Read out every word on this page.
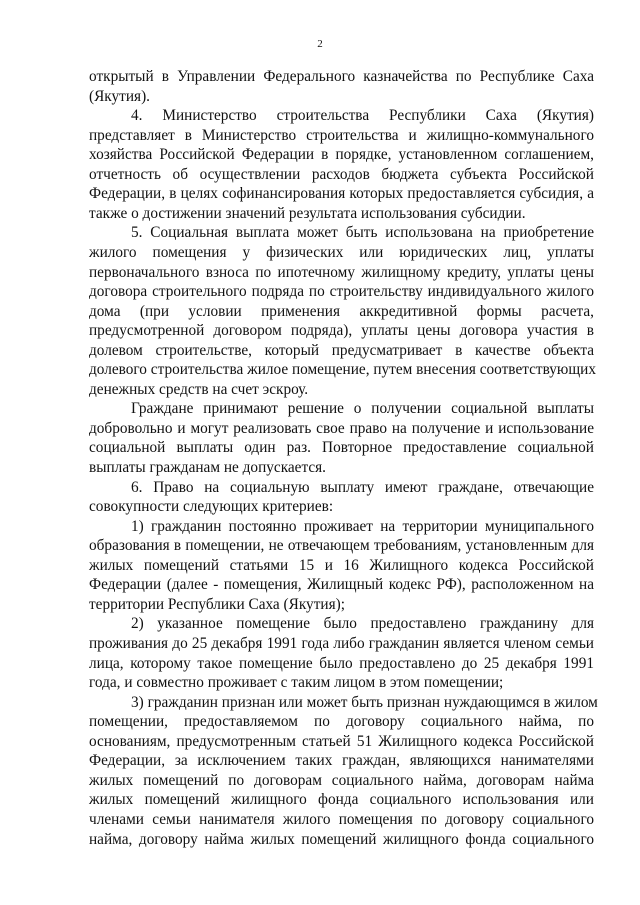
2
открытый в Управлении Федерального казначейства по Республике Саха
(Якутия).
4. Министерство строительства Республики Саха (Якутия)
представляет в Министерство строительства и жилищно-коммунального
хозяйства Российской Федерации в порядке, установленном соглашением,
отчетность об осуществлении расходов бюджета субъекта Российской
Федерации, в целях софинансирования которых предоставляется субсидия, а
также о достижении значений результата использования субсидии.
5. Социальная выплата может быть использована на приобретение
жилого помещения у физических или юридических лиц, уплаты
первоначального взноса по ипотечному жилищному кредиту, уплаты цены
договора строительного подряда по строительству индивидуального жилого
дома (при условии применения аккредитивной формы расчета,
предусмотренной договором подряда), уплаты цены договора участия в
долевом строительстве, который предусматривает в качестве объекта
долевого строительства жилое помещение, путем внесения соответствующих
денежных средств на счет эскроу.
Граждане принимают решение о получении социальной выплаты
добровольно и могут реализовать свое право на получение и использование
социальной выплаты один раз. Повторное предоставление социальной
выплаты гражданам не допускается.
6. Право на социальную выплату имеют граждане, отвечающие
совокупности следующих критериев:
1) гражданин постоянно проживает на территории муниципального
образования в помещении, не отвечающем требованиям, установленным для
жилых помещений статьями 15 и 16 Жилищного кодекса Российской
Федерации (далее - помещения, Жилищный кодекс РФ), расположенном на
территории Республики Саха (Якутия);
2) указанное помещение было предоставлено гражданину для
проживания до 25 декабря 1991 года либо гражданин является членом семьи
лица, которому такое помещение было предоставлено до 25 декабря 1991
года, и совместно проживает с таким лицом в этом помещении;
3) гражданин признан или может быть признан нуждающимся в жилом
помещении, предоставляемом по договору социального найма, по
основаниям, предусмотренным статьей 51 Жилищного кодекса Российской
Федерации, за исключением таких граждан, являющихся нанимателями
жилых помещений по договорам социального найма, договорам найма
жилых помещений жилищного фонда социального использования или
членами семьи нанимателя жилого помещения по договору социального
найма, договору найма жилых помещений жилищного фонда социального
